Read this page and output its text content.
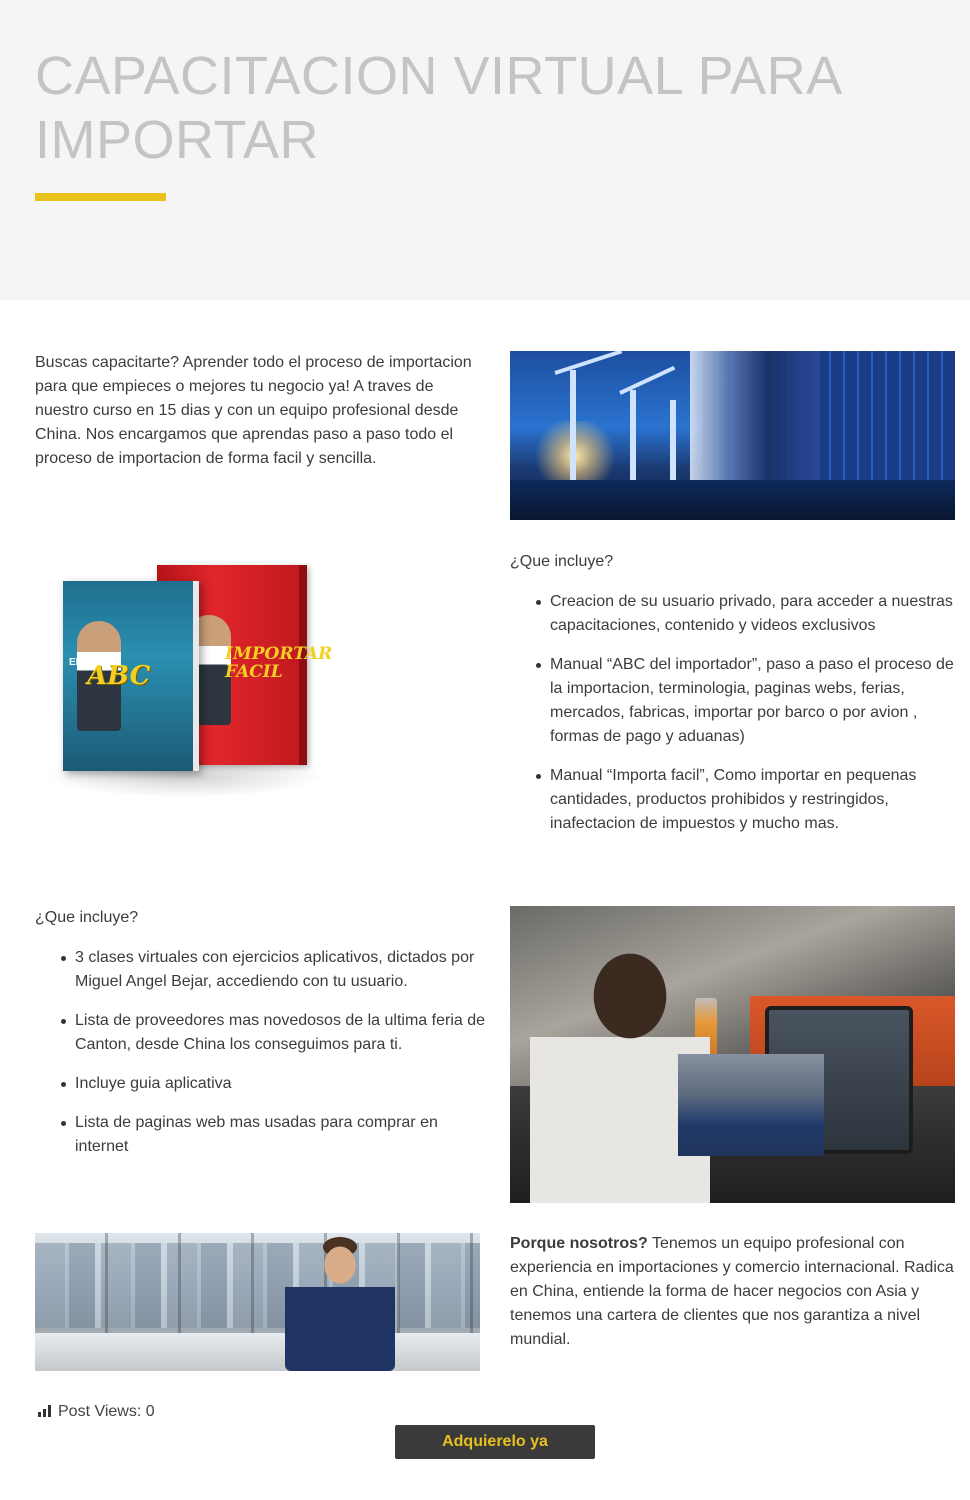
CAPACITACION VIRTUAL PARA IMPORTAR

Buscas capacitarte? Aprender todo el proceso de importacion para que empieces o mejores tu negocio ya! A traves de nuestro curso en 15 dias y con un equipo profesional desde China. Nos encargamos que aprendas paso a paso todo el proceso de importacion de forma facil y sencilla.

IMPORTAR FACIL
EL ABC

¿Que incluye?

Creacion de su usuario privado, para acceder a nuestras capacitaciones, contenido y videos exclusivos
Manual “ABC del importador”, paso a paso el proceso de la importacion, terminologia, paginas webs, ferias, mercados, fabricas, importar por barco o por avion , formas de pago y aduanas)
Manual “Importa facil”, Como importar en pequenas cantidades, productos prohibidos y restringidos, inafectacion de impuestos y mucho mas.

¿Que incluye?

3 clases virtuales con ejercicios aplicativos, dictados por Miguel Angel Bejar, accediendo con tu usuario.
Lista de proveedores mas novedosos de la ultima feria de Canton, desde China los conseguimos para ti.
Incluye guia aplicativa
Lista de paginas web mas usadas para comprar en internet

Porque nosotros? Tenemos un equipo profesional con experiencia en importaciones y comercio internacional. Radica en China, entiende la forma de hacer negocios con Asia y tenemos una cartera de clientes que nos garantiza a nivel mundial.

Post Views: 0
Adquierelo ya
